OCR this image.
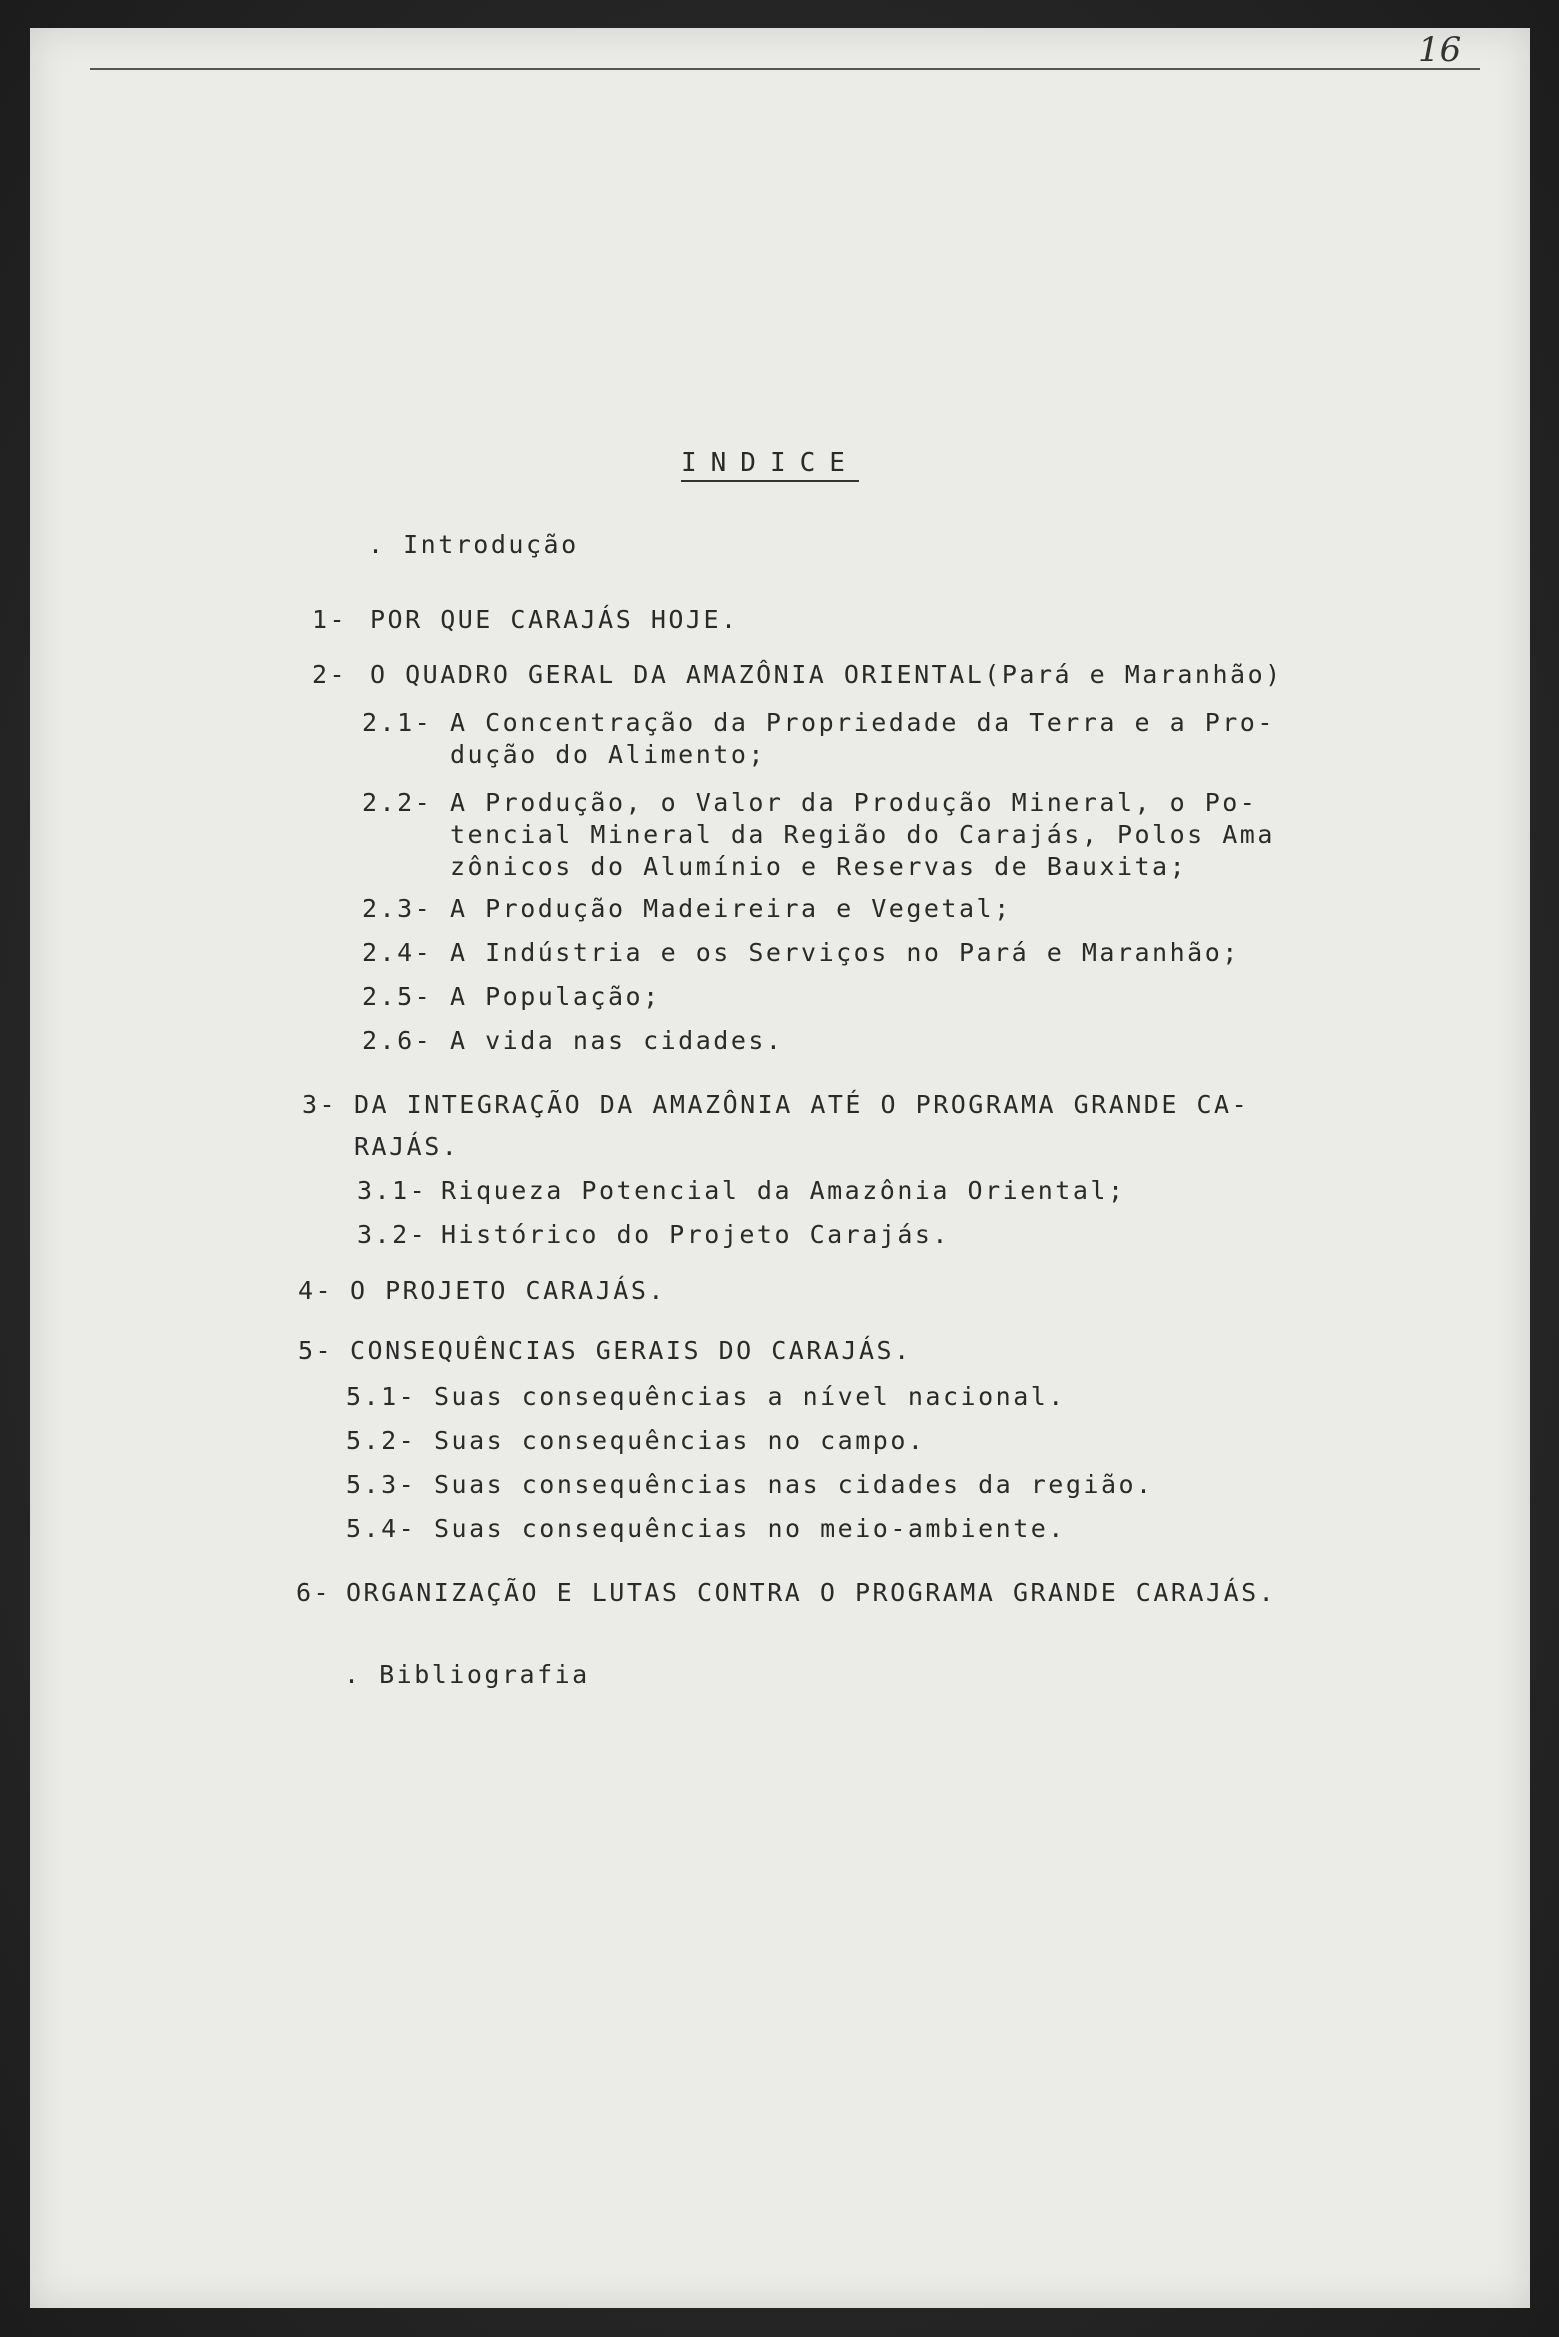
16
INDICE
. Introdução
1- POR QUE CARAJÁS HOJE.
2- O QUADRO GERAL DA AMAZÔNIA ORIENTAL(Pará e Maranhão)
2.1- A Concentração da Propriedade da Terra e a Pro-
dução do Alimento;
2.2- A Produção, o Valor da Produção Mineral, o Po-
tencial Mineral da Região do Carajás, Polos Ama
zônicos do Alumínio e Reservas de Bauxita;
2.3- A Produção Madeireira e Vegetal;
2.4- A Indústria e os Serviços no Pará e Maranhão;
2.5- A População;
2.6- A vida nas cidades.
3- DA INTEGRAÇÃO DA AMAZÔNIA ATÉ O PROGRAMA GRANDE CA-
RAJÁS.
3.1- Riqueza Potencial da Amazônia Oriental;
3.2- Histórico do Projeto Carajás.
4- O PROJETO CARAJÁS.
5- CONSEQUÊNCIAS GERAIS DO CARAJÁS.
5.1- Suas consequências a nível nacional.
5.2- Suas consequências no campo.
5.3- Suas consequências nas cidades da região.
5.4- Suas consequências no meio-ambiente.
6- ORGANIZAÇÃO E LUTAS CONTRA O PROGRAMA GRANDE CARAJÁS.
. Bibliografia
